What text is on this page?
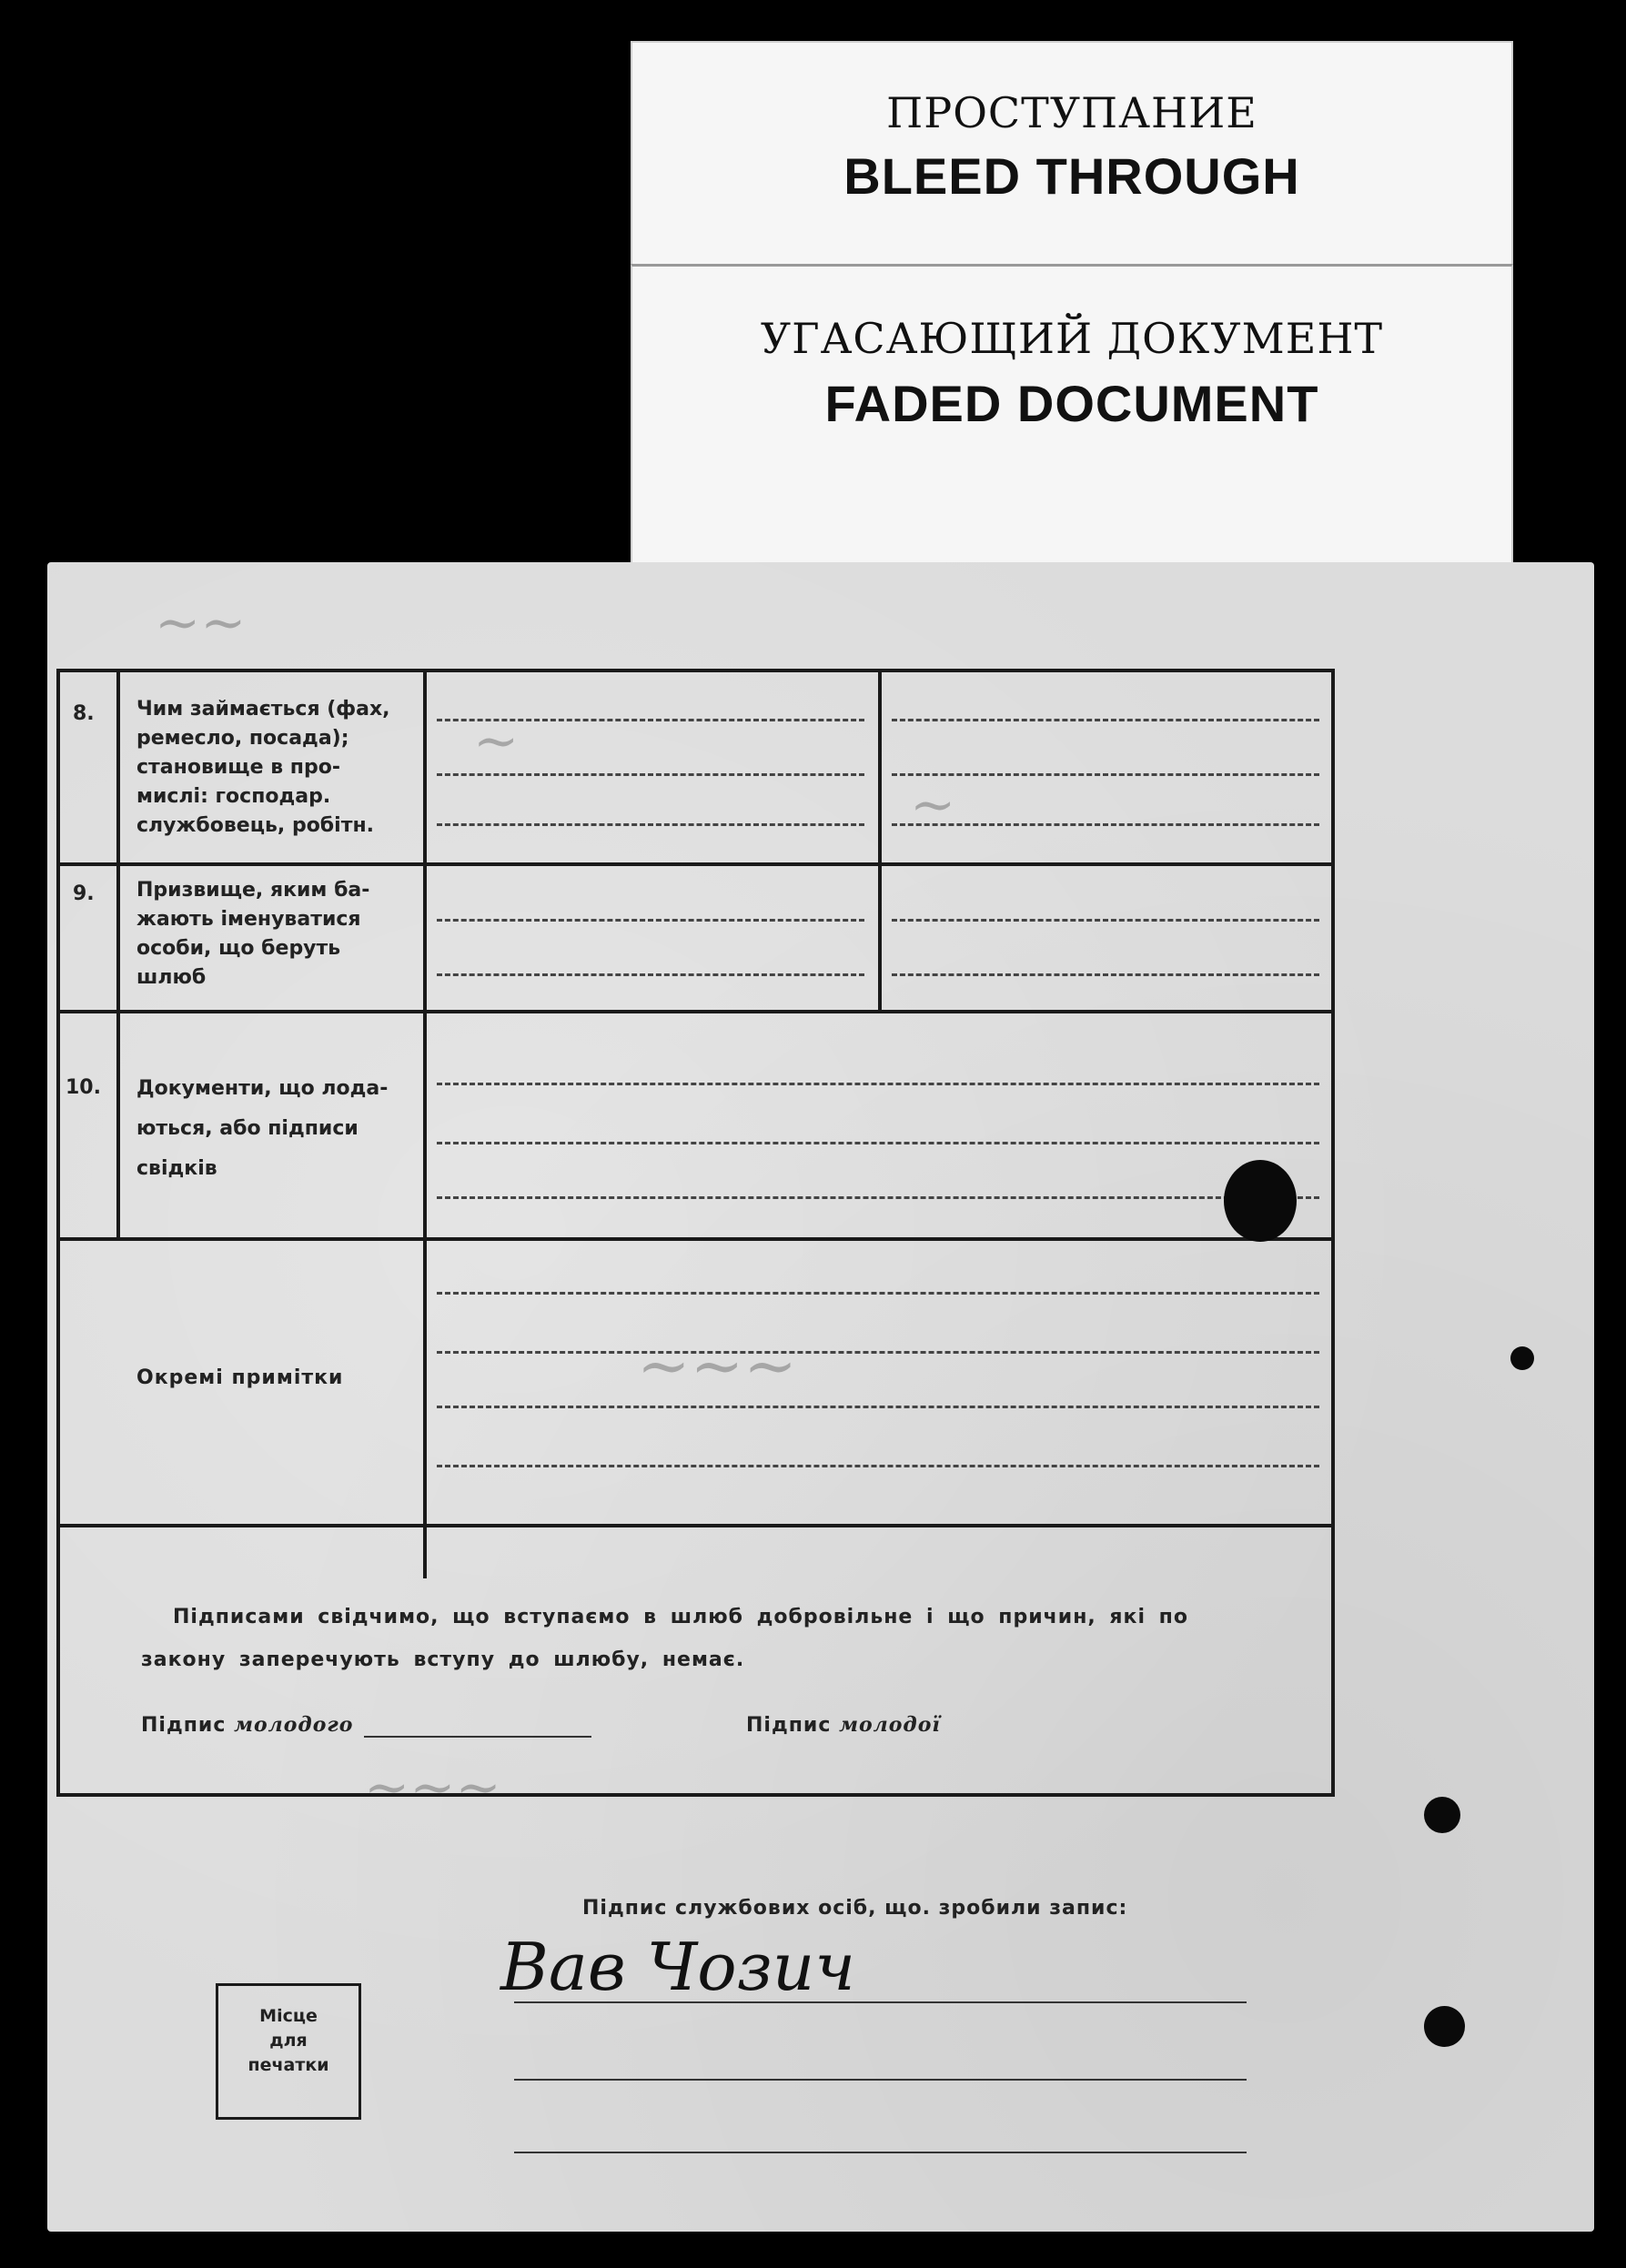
ПРОСТУПАНИЕ
BLEED THROUGH
УГАСАЮЩИЙ ДОКУМЕНТ
FADED DOCUMENT
~~
~
~
~~~
~~~
8.
9.
10.
Чим займається (фах,
ремесло, посада);
становище в про-
мислі: господар.
службовець, робітн.
Призвище, яким ба-
жають іменуватися
особи, що беруть
шлюб
Документи, що лода-
ються, або підписи
свідків
Окремі примітки
Підписами свідчимо, що вступаємо в шлюб добровільне і що причин, які по
закону заперечують вступу до шлюбу, немає.
Підпис молодого	Підпис молодої
Підпис службових осіб, що. зробили запис:
Вав Чозич
Місце
для
печатки
